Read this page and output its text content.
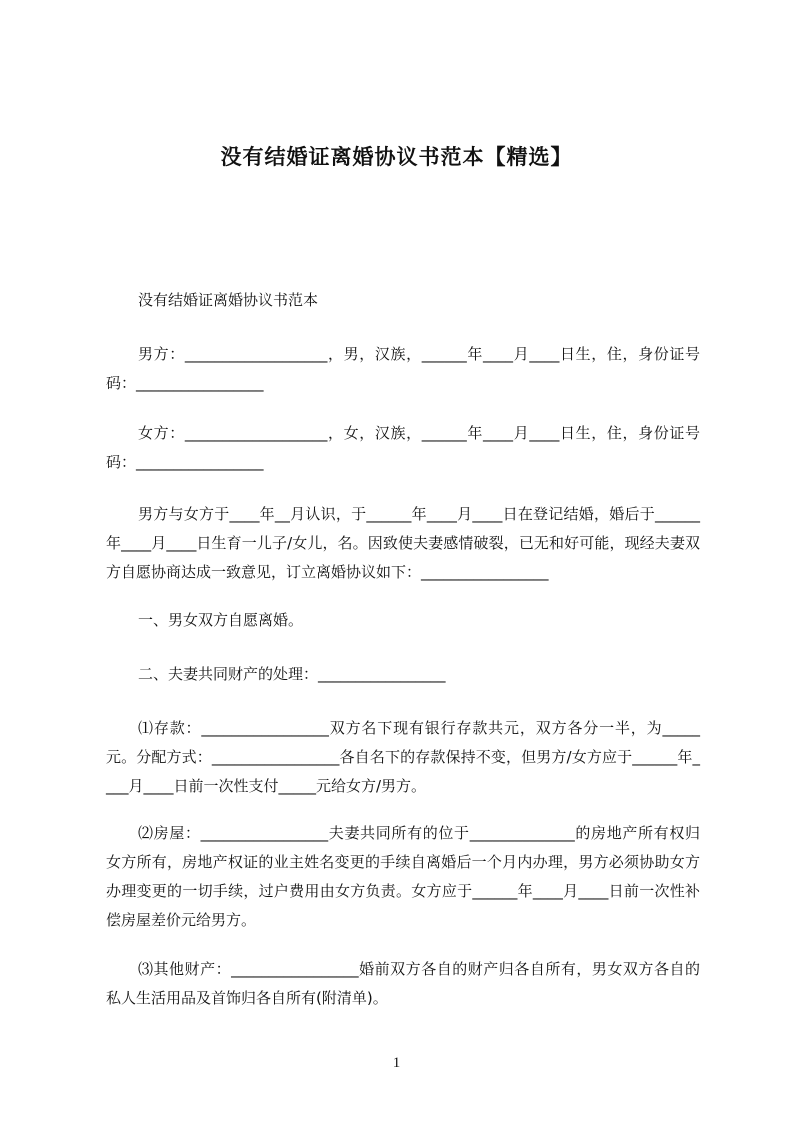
没有结婚证离婚协议书范本【精选】

没有结婚证离婚协议书范本

男方：___________________，男，汉族，______年____月____日生，住，身份证号码：_________________

女方：___________________，女，汉族，______年____月____日生，住，身份证号码：_________________

男方与女方于____年__月认识，于______年____月____日在登记结婚，婚后于______年____月____日生育一儿子/女儿，名。因致使夫妻感情破裂，已无和好可能，现经夫妻双方自愿协商达成一致意见，订立离婚协议如下：_________________

一、男女双方自愿离婚。

二、夫妻共同财产的处理：_________________

⑴存款：_________________双方名下现有银行存款共元，双方各分一半，为_____元。分配方式：_________________各自名下的存款保持不变，但男方/女方应于______年____月____日前一次性支付_____元给女方/男方。

⑵房屋：_________________夫妻共同所有的位于______________的房地产所有权归女方所有，房地产权证的业主姓名变更的手续自离婚后一个月内办理，男方必须协助女方办理变更的一切手续，过户费用由女方负责。女方应于______年____月____日前一次性补偿房屋差价元给男方。

⑶其他财产：_________________婚前双方各自的财产归各自所有，男女双方各自的私人生活用品及首饰归各自所有(附清单)。

1
